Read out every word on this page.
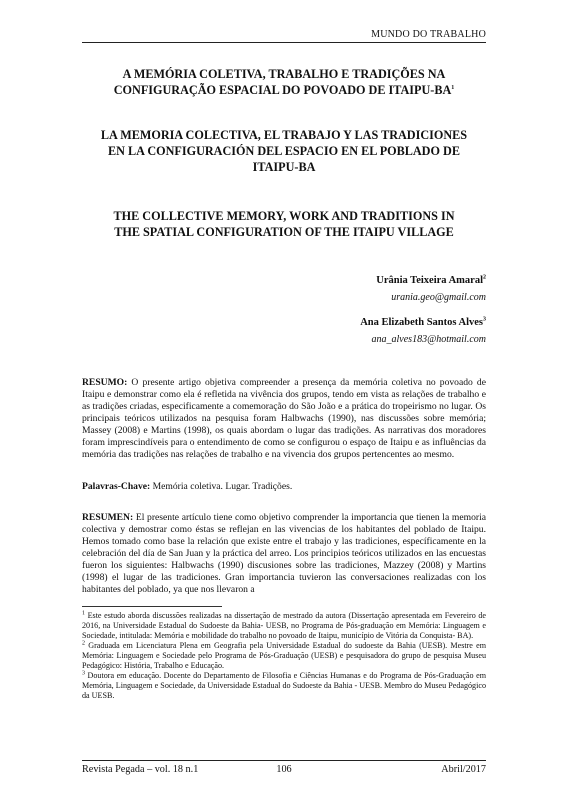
MUNDO DO TRABALHO
A MEMÓRIA COLETIVA, TRABALHO E TRADIÇÕES NA
CONFIGURAÇÃO ESPACIAL DO POVOADO DE ITAIPU-$BA^1$
LA MEMORIA COLECTIVA, EL TRABAJO Y LAS TRADICIONES
EN LA CONFIGURACIÓN DEL ESPACIO EN EL POBLADO DE
ITAIPU-BA
THE COLLECTIVE MEMORY, WORK AND TRADITIONS IN
THE SPATIAL CONFIGURATION OF THE ITAIPU VILLAGE
Urânia Teixeira Amaral$^2$
urania.geo@gmail.com
Ana Elizabeth Santos Alves$^3$
ana_alves183@hotmail.com
RESUMO: O presente artigo objetiva compreender a presença da memória coletiva no povoado de Itaipu e demonstrar como ela é refletida na vivência dos grupos, tendo em vista as relações de trabalho e as tradições criadas, especificamente a comemoração do São João e a prática do tropeirismo no lugar. Os principais teóricos utilizados na pesquisa foram Halbwachs (1990), nas discussões sobre memória; Massey (2008) e Martins (1998), os quais abordam o lugar das tradições. As narrativas dos moradores foram imprescindíveis para o entendimento de como se configurou o espaço de Itaipu e as influências da memória das tradições nas relações de trabalho e na vivencia dos grupos pertencentes ao mesmo.
Palavras-Chave: Memória coletiva. Lugar. Tradições.
RESUMEN: El presente artículo tiene como objetivo comprender la importancia que tienen la memoria colectiva y demostrar como éstas se reflejan en las vivencias de los habitantes del poblado de Itaipu. Hemos tomado como base la relación que existe entre el trabajo y las tradiciones, específicamente en la celebración del día de San Juan y la práctica del arreo. Los principios teóricos utilizados en las encuestas fueron los siguientes: Halbwachs (1990) discusiones sobre las tradiciones, Mazzey (2008) y Martins (1998) el lugar de las tradiciones. Gran importancia tuvieron las conversaciones realizadas con los habitantes del poblado, ya que nos llevaron a

$^1$ Este estudo aborda discussões realizadas na dissertação de mestrado da autora (Dissertação apresentada em Fevereiro de 2016, na Universidade Estadual do Sudoeste da Bahia- UESB, no Programa de Pós-graduação em Memória: Linguagem e Sociedade, intitulada: Memória e mobilidade do trabalho no povoado de Itaipu, município de Vitória da Conquista- BA).

$^2$ Graduada em Licenciatura Plena em Geografia pela Universidade Estadual do sudoeste da Bahia (UESB). Mestre em Memória: Linguagem e Sociedade pelo Programa de Pós-Graduação (UESB) e pesquisadora do grupo de pesquisa Museu Pedagógico: História, Trabalho e Educação.

$^3$ Doutora em educação. Docente do Departamento de Filosofia e Ciências Humanas e do Programa de Pós-Graduação em Memória, Linguagem e Sociedade, da Universidade Estadual do Sudoeste da Bahia - UESB. Membro do Museu Pedagógico da UESB.

Revista Pegada – vol. 18 n.1	106	Abril/2017
